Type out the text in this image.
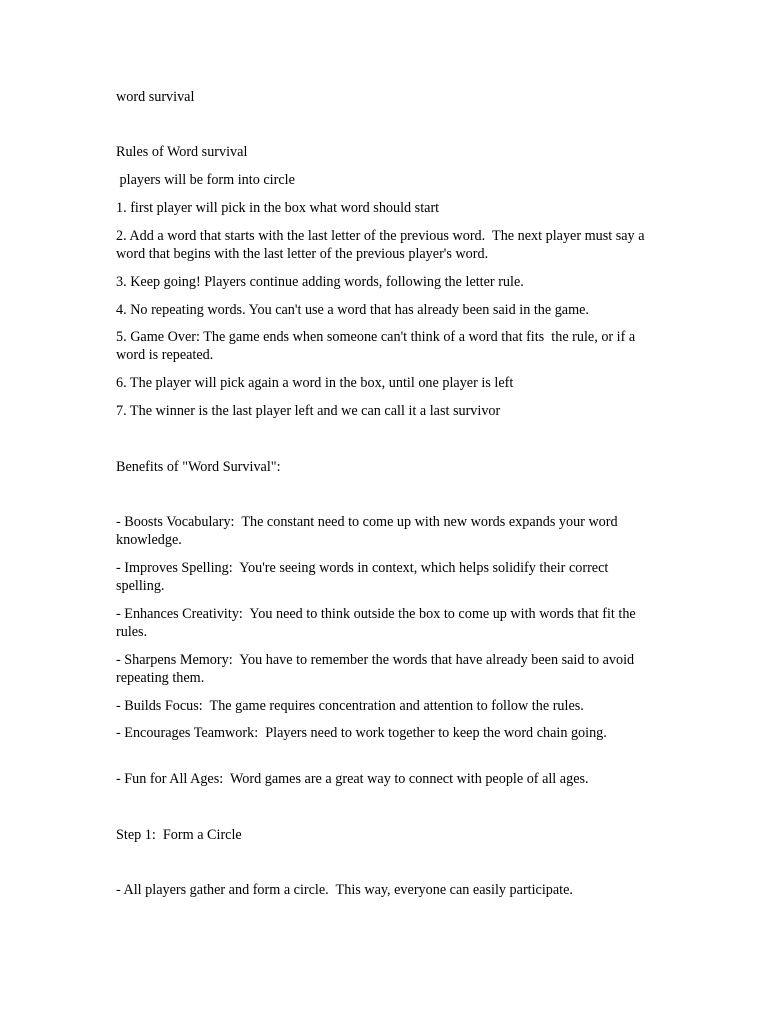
word survival

Rules of Word survival

players will be form into circle

1. first player will pick in the box what word should start

2. Add a word that starts with the last letter of the previous word.  The next player must say a word that begins with the last letter of the previous player's word.

3. Keep going! Players continue adding words, following the letter rule.

4. No repeating words. You can't use a word that has already been said in the game.

5. Game Over: The game ends when someone can't think of a word that fits  the rule, or if a word is repeated.

6. The player will pick again a word in the box, until one player is left

7. The winner is the last player left and we can call it a last survivor

Benefits of "Word Survival":

- Boosts Vocabulary:  The constant need to come up with new words expands your word knowledge.

- Improves Spelling:  You're seeing words in context, which helps solidify their correct spelling.

- Enhances Creativity:  You need to think outside the box to come up with words that fit the rules.

- Sharpens Memory:  You have to remember the words that have already been said to avoid repeating them.

- Builds Focus:  The game requires concentration and attention to follow the rules.

- Encourages Teamwork:  Players need to work together to keep the word chain going.

- Fun for All Ages:  Word games are a great way to connect with people of all ages.

Step 1:  Form a Circle

- All players gather and form a circle.  This way, everyone can easily participate.
